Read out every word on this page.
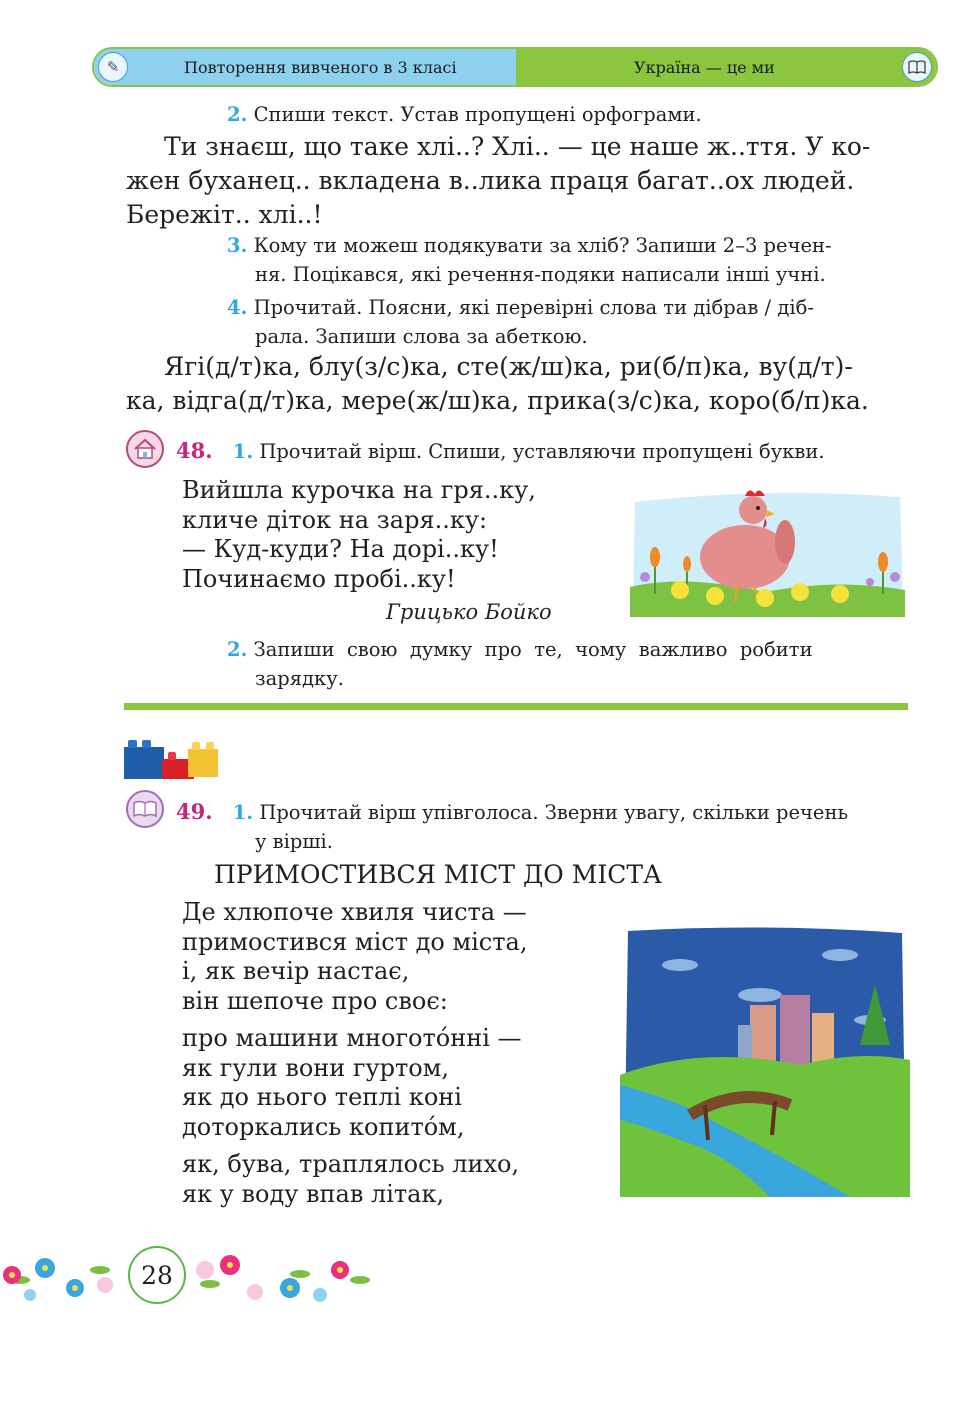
✎	Повторення вивченого в 3 класі	Україна — це ми
2. Спиши текст. Устав пропущені орфограми.
Ти знаєш, що таке хлі..? Хлі.. — це наше ж..ття. У ко-
жен буханец.. вкладена в..лика праця багат..ох людей.
Бережіт.. хлі..!
3. Кому ти можеш подякувати за хліб? Запиши 2–3 речен-
ня. Поцікався, які речення-подяки написали інші учні.
4. Прочитай. Поясни, які перевірні слова ти дібрав / діб-
рала. Запиши слова за абеткою.
Ягі(д/т)ка, блу(з/с)ка, сте(ж/ш)ка, ри(б/п)ка, ву(д/т)-
ка, відга(д/т)ка, мере(ж/ш)ка, прика(з/с)ка, коро(б/п)ка.
48. 1. Прочитай вірш. Спиши, уставляючи пропущені букви.
Вийшла курочка на гря..ку,
кличе діток на заря..ку:
— Куд-куди? На дорі..ку!
Починаємо пробі..ку!
Грицько Бойко
2. Запиши  свою  думку  про  те,  чому  важливо  робити
зарядку.
49. 1. Прочитай вірш упівголоса. Зверни увагу, скільки речень
у вірші.
ПРИМОСТИВСЯ МІСТ ДО МІСТА
Де хлюпоче хвиля чиста —
примостився міст до міста,
і, як вечір настає,
він шепоче про своє:
про машини многото́нні —
як гули вони гуртом,
як до нього теплі коні
доторкались копито́м,
як, бува, траплялось лихо,
як у воду впав літак,
28
